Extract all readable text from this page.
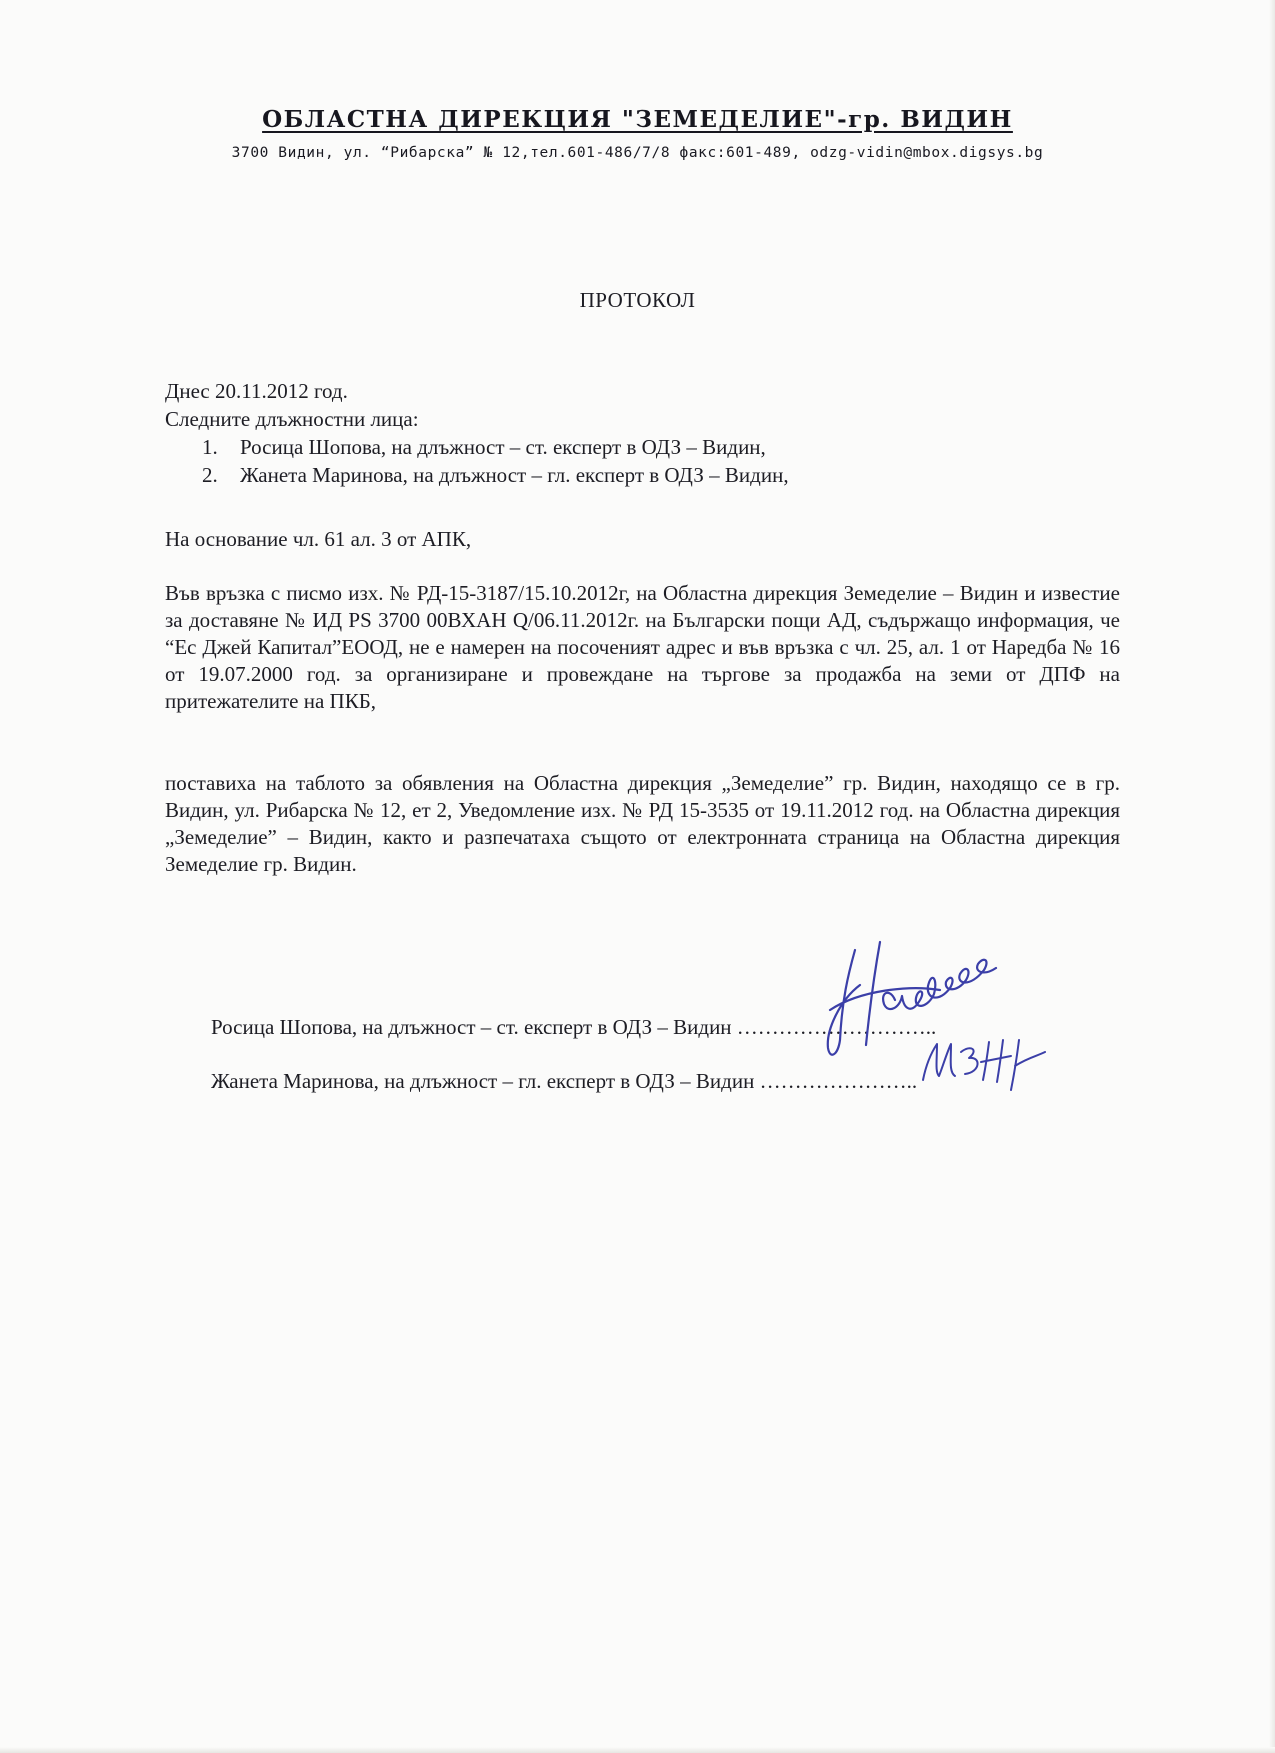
ОБЛАСТНА ДИРЕКЦИЯ "ЗЕМЕДЕЛИЕ"-гр. ВИДИН
3700 Видин, ул. “Рибарска” № 12,тел.601-486/7/8 факс:601-489, odzg-vidin@mbox.digsys.bg
ПРОТОКОЛ
Днес 20.11.2012 год.
Следните длъжностни лица:
1. Росица Шопова, на длъжност – ст. експерт в ОДЗ – Видин,
2. Жанета Маринова, на длъжност – гл. експерт в ОДЗ – Видин,
На основание чл. 61 ал. 3 от АПК,
Във връзка с писмо изх. № РД-15-3187/15.10.2012г, на Областна дирекция Земеделие – Видин и известие за доставяне № ИД PS 3700 00ВХАН Q/06.11.2012г. на Български пощи АД, съдържащо информация, че “Ес Джей Капитал”ЕООД, не е намерен на посоченият адрес и във връзка с чл. 25, ал. 1 от Наредба № 16 от 19.07.2000 год. за организиране и провеждане на търгове за продажба на земи от ДПФ на притежателите на ПКБ,
поставиха на таблото за обявления на Областна дирекция „Земеделие” гр. Видин, находящо се в гр. Видин, ул. Рибарска № 12, ет 2, Уведомление изх. № РД 15-3535 от 19.11.2012 год. на Областна дирекция „Земеделие” – Видин, както и разпечатаха същото от електронната страница на Областна дирекция Земеделие гр. Видин.
Росица Шопова, на длъжност – ст. експерт в ОДЗ – Видин ………………………..
Жанета Маринова, на длъжност – гл. експерт в ОДЗ – Видин …………………..
